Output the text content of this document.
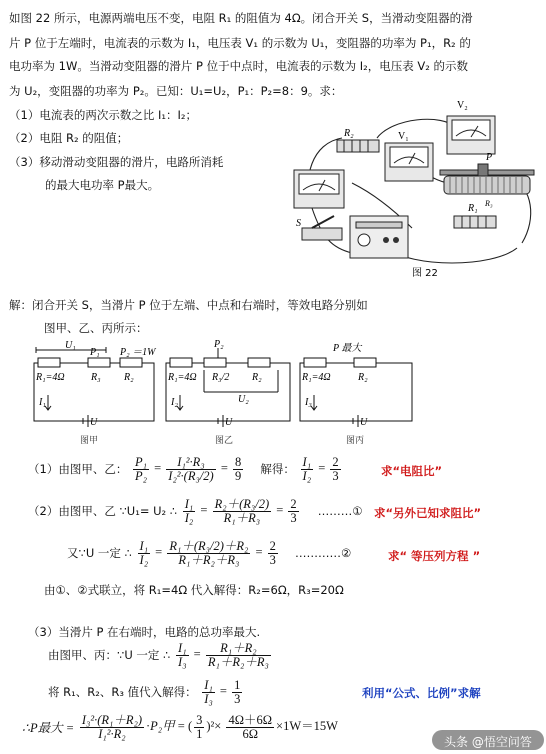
如图 22 所示，电源两端电压不变，电阻 R₁ 的阻值为 4Ω。闭合开关 S，当滑动变阻器的滑
片 P 位于左端时，电流表的示数为 I₁，电压表 V₁ 的示数为 U₁，变阻器的功率为 P₁，R₂ 的
电功率为 1W。当滑动变阻器的滑片 P 位于中点时，电流表的示数为 I₂，电压表 V₂ 的示数
为 U₂，变阻器的功率为 P₂。已知：U₁=U₂，P₁：P₂=8：9。求：
（1）电流表的两次示数之比 I₁：I₂；
（2）电阻 R₂ 的阻值；
（3）移动滑动变阻器的滑片，电路所消耗
的最大电功率 P最大。
V₂
R₂	V₁
P
R₃
R₁
S
图 22
解：闭合开关 S，当滑片 P 位于左端、中点和右端时，等效电路分别如
图甲、乙、丙所示：
U₁
P₁ P₂ ＝1W
R₁=4Ω	R₃ R₂
I₁
U
图甲
P₂
R₁=4Ω R₃/2 R₂
U₂
I₂
U
图乙
P 最大
R₁=4Ω	R₂
I₃
U
图丙
（1）由图甲、乙： $\frac{\text{P₁}}{\text{P₂}} = \frac{\text{I₁²·R₃}}{\text{I₂²·(R₃/2)}} = \frac{8}{9}$ 解得： $\frac{\text{I₁}}{\text{I₂}} = \frac{2}{3}$	求“电阻比”
（2）由图甲、乙 ∵U₁= U₂ ∴ $\frac{\text{I₁}}{\text{I₂}} = \frac{\text{R₂＋(R₃/2)}}{\text{R₁＋R₃}} = \frac{2}{3}$ ………① 求“另外已知求阻比”
又∵U 一定 ∴ $\frac{\text{I₁}}{\text{I₂}} = \frac{\text{R₁＋(R₃/2)＋R₂}}{\text{R₁＋R₂＋R₃}} = \frac{2}{3}$ …………②	求“ 等压列方程 ”
由①、②式联立，将 R₁=4Ω 代入解得：R₂=6Ω，R₃=20Ω
（3）当滑片 P 在右端时，电路的总功率最大.
由图甲、丙：∵U 一定 ∴ $\frac{\text{I₁}}{\text{I₃}} = \frac{\text{R₁＋R₂}}{\text{R₁＋R₂＋R₃}}$
将 R₁、R₂、R₃ 值代入解得： $\frac{\text{I₁}}{\text{I₃}} = \frac{1}{3}$	利用“公式、比例”求解
∴P最大 = $\frac{\text{I₃²·(R₁＋R₂)}}{\text{I₁²·R₂}} \cdot P_2$甲 = ( $\frac{3}{1} )^2\times \frac{4\Omega+6\Omega}{6\Omega} \times 1W=15W$
头条 @悟空问答
